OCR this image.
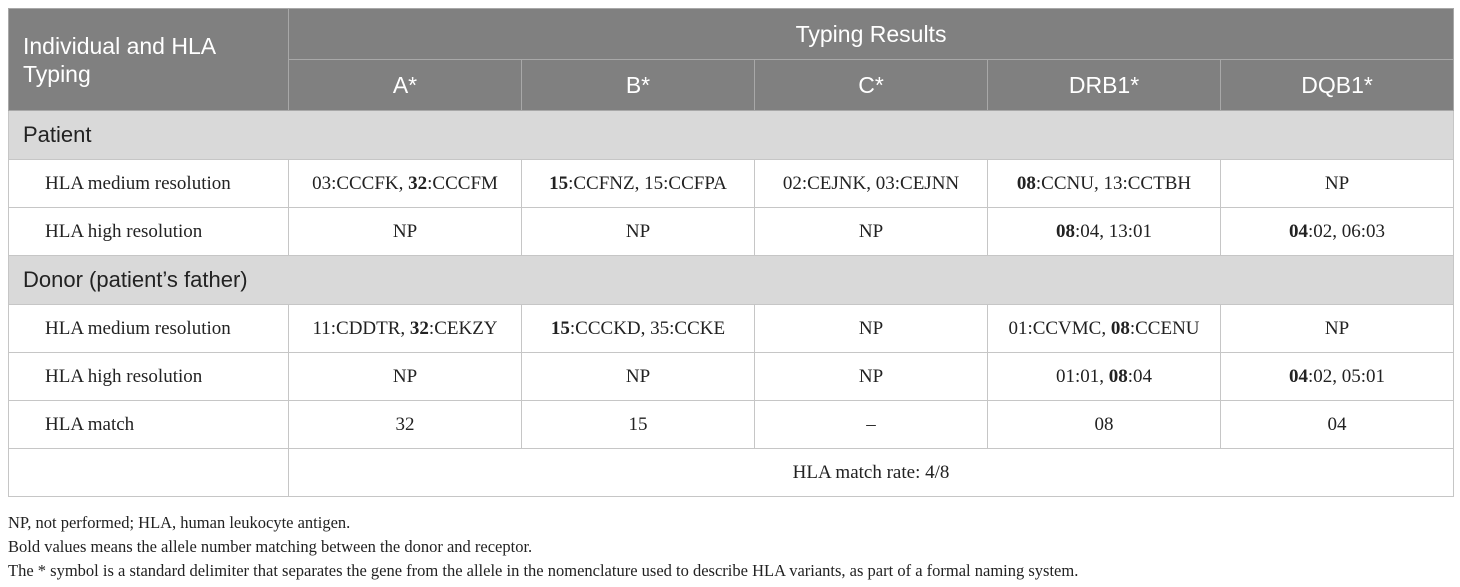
Individual and HLA Typing	Typing Results				
	A*	B*	C*	DRB1*	DQB1*
Patient					
HLA medium resolution	03:CCCFK, 32:CCCFM	15:CCFNZ, 15:CCFPA	02:CEJNK, 03:CEJNN	08:CCNU, 13:CCTBH	NP
HLA high resolution	NP	NP	NP	08:04, 13:01	04:02, 06:03
Donor (patient’s father)					
HLA medium resolution	11:CDDTR, 32:CEKZY	15:CCCKD, 35:CCKE	NP	01:CCVMC, 08:CCENU	NP
HLA high resolution	NP	NP	NP	01:01, 08:04	04:02, 05:01
HLA match	32	15	–	08	04
	HLA match rate: 4/8				

NP, not performed; HLA, human leukocyte antigen.

Bold values means the allele number matching between the donor and receptor.

The * symbol is a standard delimiter that separates the gene from the allele in the nomenclature used to describe HLA variants, as part of a formal naming system.
